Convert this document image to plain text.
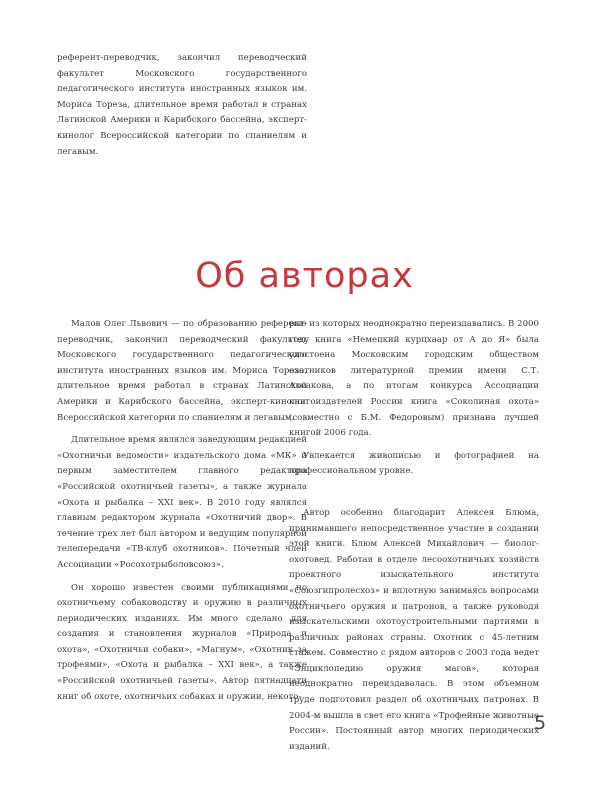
референт-переводчик, закончил переводческий факультет Московского государственного педагогического института иностранных языков им. Мориса Тореза, длительное время работал в странах Латинской Америки и Карибского бассейна, эксперт-кинолог Всероссийской категории по спаниелям и легавым.

Об авторах

Малов Олег Львович — по образованию референт-переводчик, закончил переводческий факультет Московского государственного педагогического института иностранных языков им. Мориса Тореза, длительное время работал в странах Латинской Америки и Карибского бассейна, эксперт-кинолог Всероссийской категории по спаниелям и легавым.

Длительное время являлся заведующим редакцией «Охотничьи ведомости» издательского дома «МК» и первым заместителем главного редактора «Российской охотничьей газеты», а также журнала «Охота и рыбалка – XXI век». В 2010 году являлся главным редактором журнала «Охотничий двор». В течение трех лет был автором и ведущим популярной телепередачи «ТВ-клуб охотников». Почетный член Ассоциации «Росохотрыболовсоюз».

Он хорошо известен своими публикациями по охотничьему собаководству и оружию в различных периодических изданиях. Им много сделано для создания и становления журналов «Природа и охота», «Охотничьи собаки», «Магнум», «Охотник за трофеями», «Охота и рыбалка – XXI век», а также «Российской охотничьей газеты». Автор пятнадцати книг об охоте, охотничьих собаках и оружии, некото-

рые из которых неоднократно переиздавались. В 2000 году книга «Немецкий курцхаар от А до Я» была удостоена Московским городским обществом охотников литературной премии имени С.Т. Аксакова, а по итогам конкурса Ассоциации книгоиздателей России книга «Соколиная охота» (совместно с Б.М. Федоровым) признана лучшей книгой 2006 года.

Увлекается живописью и фотографией на профессиональном уровне.

Автор особенно благодарит Алексея Блюма, принимавшего непосредственное участие в создании этой книги. Блюм Алексей Михайлович — биолог-охотовед. Работая в отделе лесоохотничьих хозяйств проектного изыскательного института «Союзгипролесхоз» и вплотную занимаясь вопросами охотничьего оружия и патронов, а также руководя изыскательскими охотоустроительными партиями в различных районах страны. Охотник с 45-летним стажем. Совместно с рядом авторов с 2003 года ведет «Энциклопедию оружия магов», которая неоднократно переиздавалась. В этом объемном труде подготовил раздел об охотничьих патронах. В 2004-м вышла в свет его книга «Трофейные животные России». Постоянный автор многих периодических изданий.

5
